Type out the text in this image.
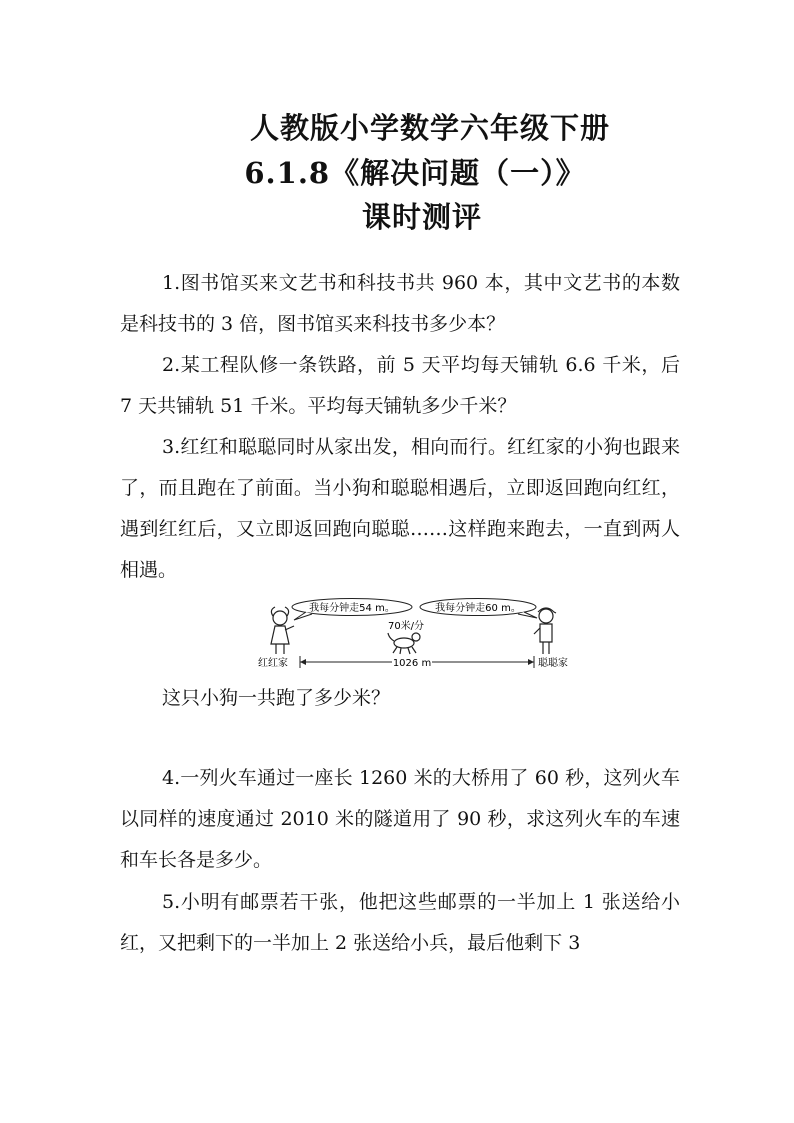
人教版小学数学六年级下册
6.1.8《解决问题（一）》
课时测评

1.图书馆买来文艺书和科技书共 960 本，其中文艺书的本数是科技书的 3 倍，图书馆买来科技书多少本？

2.某工程队修一条铁路，前 5 天平均每天铺轨 6.6 千米，后 7 天共铺轨 51 千米。平均每天铺轨多少千米？

3.红红和聪聪同时从家出发，相向而行。红红家的小狗也跟来了，而且跑在了前面。当小狗和聪聪相遇后，立即返回跑向红红，遇到红红后，又立即返回跑向聪聪……这样跑来跑去，一直到两人相遇。

我每分钟走54 m。	我每分钟走60 m。
70米/分
1026 m
红红家	聪聪家

这只小狗一共跑了多少米？

4.一列火车通过一座长 1260 米的大桥用了 60 秒，这列火车以同样的速度通过 2010 米的隧道用了 90 秒，求这列火车的车速和车长各是多少。

5.小明有邮票若干张，他把这些邮票的一半加上 1 张送给小红，又把剩下的一半加上 2 张送给小兵，最后他剩下 3
